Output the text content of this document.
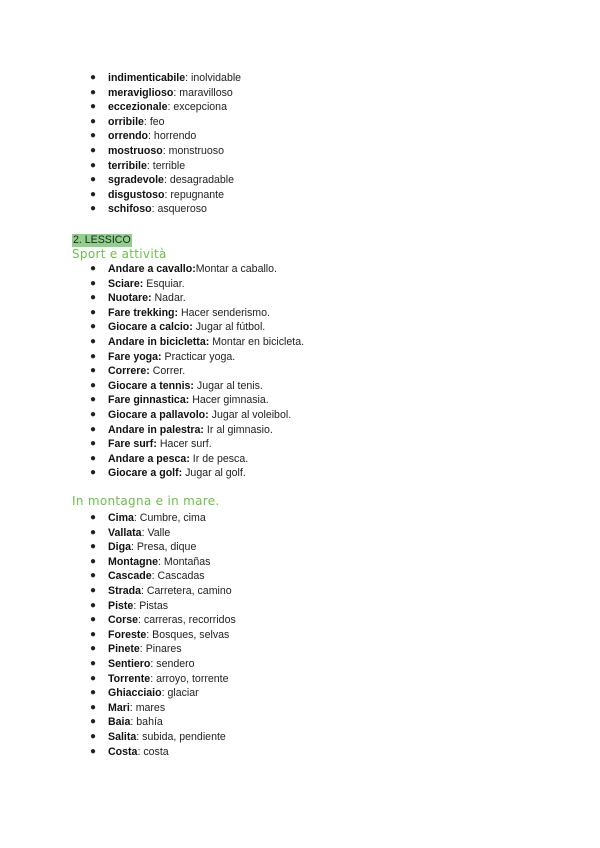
● indimenticabile: inolvidable
● meraviglioso: maravilloso
● eccezionale: excepciona
● orribile: feo
● orrendo: horrendo
● mostruoso: monstruoso
● terribile: terrible
● sgradevole: desagradable
● disgustoso: repugnante
● schifoso: asqueroso
2. LESSICO
Sport e attività
● Andare a cavallo:Montar a caballo.
● Sciare: Esquiar.
● Nuotare: Nadar.
● Fare trekking: Hacer senderismo.
● Giocare a calcio: Jugar al fútbol.
● Andare in bicicletta: Montar en bicicleta.
● Fare yoga: Practicar yoga.
● Correre: Correr.
● Giocare a tennis: Jugar al tenis.
● Fare ginnastica: Hacer gimnasia.
● Giocare a pallavolo: Jugar al voleibol.
● Andare in palestra: Ir al gimnasio.
● Fare surf: Hacer surf.
● Andare a pesca: Ir de pesca.
● Giocare a golf: Jugar al golf.
In montagna e in mare.
● Cima: Cumbre, cima
● Vallata: Valle
● Diga: Presa, dique
● Montagne: Montañas
● Cascade: Cascadas
● Strada: Carretera, camino
● Piste: Pistas
● Corse: carreras, recorridos
● Foreste: Bosques, selvas
● Pinete: Pinares
● Sentiero: sendero
● Torrente: arroyo, torrente
● Ghiacciaio: glaciar
● Mari: mares
● Baia: bahía
● Salita: subida, pendiente
● Costa: costa
